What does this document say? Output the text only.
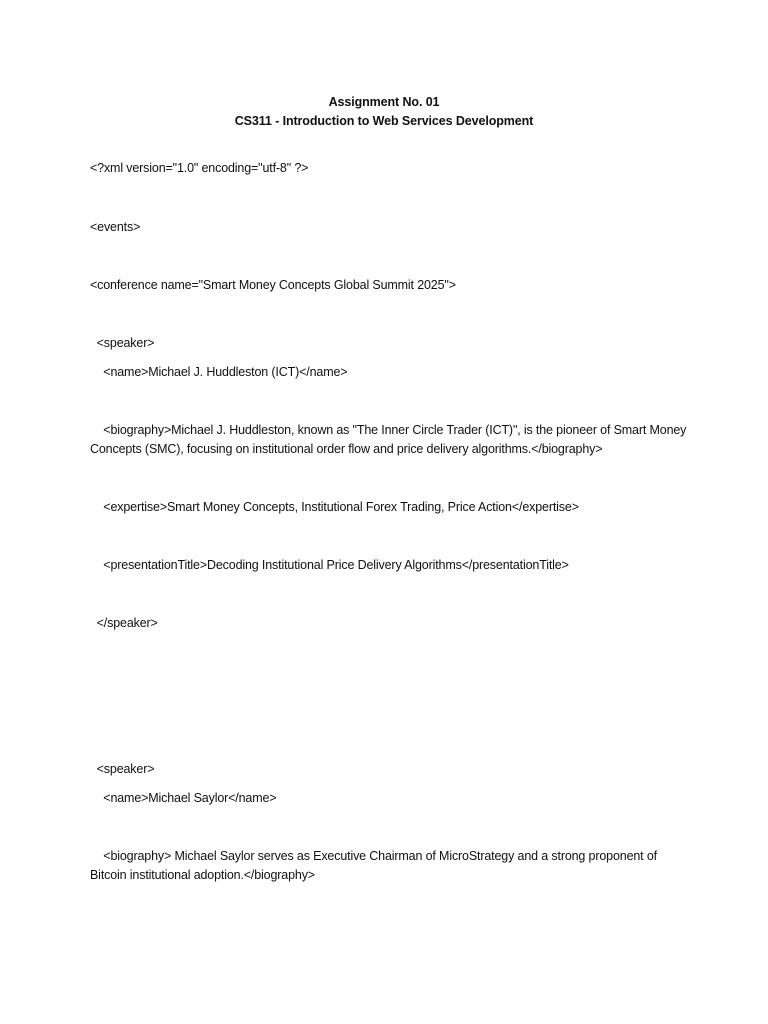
Assignment No. 01
CS311 - Introduction to Web Services Development
<?xml version="1.0" encoding="utf-8" ?>
<events>
<conference name="Smart Money Concepts Global Summit 2025">
<speaker>
<name>Michael J. Huddleston (ICT)</name>
<biography>Michael J. Huddleston, known as "The Inner Circle Trader (ICT)", is the pioneer of Smart Money Concepts (SMC), focusing on institutional order flow and price delivery algorithms.</biography>
<expertise>Smart Money Concepts, Institutional Forex Trading, Price Action</expertise>
<presentationTitle>Decoding Institutional Price Delivery Algorithms</presentationTitle>
</speaker>
<speaker>
<name>Michael Saylor</name>
<biography> Michael Saylor serves as Executive Chairman of MicroStrategy and a strong proponent of Bitcoin institutional adoption.</biography>
